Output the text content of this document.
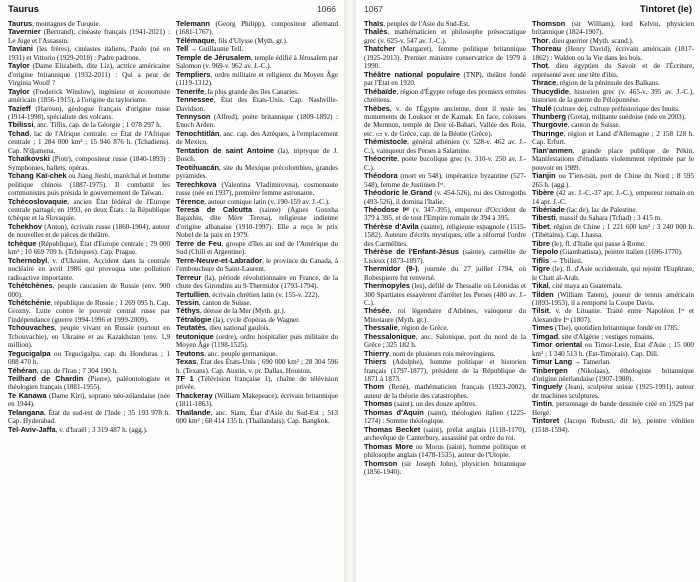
Taurus	1066

Taurus, montagnes de Turquie.

Tavernier (Bertrand), cinéaste français (1941-2021) : Le Juge et l'Assassin.

Taviani (les frères), cinéastes italiens, Paolo (né en 1931) et Vittorio (1929-2018) : Padre padrone.

Taylor (Dame Elizabeth, dite Liz), actrice américaine d'origine britannique (1932-2011) : Qui a peur de Virginia Woolf ?

Taylor (Frederick Winslow), ingénieur et économiste américain (1856-1915), à l'origine du taylorisme.

Tazieff (Haroun), géologue français d'origine russe (1914-1998), spécialiste des volcans.

Tbilissi, anc. Tiflis, cap. de la Géorgie ; 1 078 297 h.

Tchad, lac de l'Afrique centrale. ▭ État de l'Afrique centrale ; 1 284 000 km² ; 15 946 876 h. (Tchadiens). Cap. N'djamena.

Tchaïkovski (Piotr), compositeur russe (1840-1893) : Symphonies, ballets, opéras.

Tchang Kaï-chek ou Jiang Jieshi, maréchal et homme politique chinois (1887-1975). Il combattit les communistes puis présida le gouvernement de Taïwan.

Tchécoslovaquie, ancien État fédéral de l'Europe centrale partagé, en 1993, en deux États : la République tchèque et la Slovaquie.

Tchekhov (Anton), écrivain russe (1860-1904), auteur de nouvelles et de pièces de théâtre.

tchèque (République), État d'Europe centrale ; 79 000 km² ; 10 669 709 h. (Tchèques). Cap. Prague.

Tchernobyl, v. d'Ukraine. Accident dans la centrale nucléaire en avril 1986 qui provoqua une pollution radioactive importante.

Tchétchènes, peuple caucasien de Russie (env. 900 000).

Tchétchénie, république de Russie ; 1 269 095 h. Cap. Grozny. Lutte contre le pouvoir central russe par l'indépendance (guerre 1994-1996 et 1999-2009).

Tchouvaches, peuple vivant en Russie (surtout en Tchouvachie), en Ukraine et au Kazakhstan (env. 1,9 million).

Tegucigalpa ou Tegucigalpa, cap. du Honduras ; 1 088 470 h.

Téhéran, cap. de l'Iran ; 7 304 190 h.

Teilhard de Chardin (Pierre), paléontologiste et théologien français (1881-1955).

Te Kanawa (Dame Kiri), soprano néo-zélandaise (née en 1944).

Telangana, État du sud-est de l'Inde ; 35 193 978 h. Cap. Hyderabad.

Tel-Aviv-Jaffa, v. d'Israël ; 3 319 487 h. (agg.).

Telemann (Georg Philipp), compositeur allemand (1681-1767).

Télémaque, fils d'Ulysse (Myth. gr.).

Tell → Guillaume Tell.

Temple de Jérusalem, temple édifié à Jérusalem par Salomon (v. 969-v. 962 av. J.-C.).

Templiers, ordre militaire et religieux du Moyen Âge (1119-1312).

Tenerife, la plus grande des îles Canaries.

Tennessee, État des États-Unis. Cap. Nashville-Davidson.

Tennyson (Alfred), poète britannique (1809-1892) : Enoch Arden.

Tenochtitlán, anc. cap. des Aztèques, à l'emplacement de Mexico.

Tentation de saint Antoine (la), triptyque de J. Bosch.

Teotihuacán, site du Mexique précolombien, grandes pyramides.

Terechkova (Valentina Vladimirovna), cosmonaute russe (née en 1937), première femme astronaute.

Térence, auteur comique latin (v. 190-159 av. J.-C.).

Teresa de Calcutta (sainte) (Agnes Gonxha Bajaxhiu, dite Mère Teresa), religieuse indienne d'origine albanaise (1910-1997). Elle a reçu le prix Nobel de la paix en 1979.

Terre de Feu, groupe d'îles au sud de l'Amérique du Sud (Chili et Argentine).

Terre-Neuve-et-Labrador, le province du Canada, à l'embouchure du Saint-Laurent.

Terreur (la), période révolutionnaire en France, de la chute des Girondins au 9-Thermidor (1793-1794).

Tertullien, écrivain chrétien latin (v. 155-v. 222).

Tessin, canton de Suisse.

Téthys, déesse de la Mer (Myth. gr.).

Tétralogie (la), cycle d'opéras de Wagner.

Teutatès, dieu national gaulois.

teutonique (ordre), ordre hospitalier puis militaire du Moyen Âge (1198-1525).

Teutons, anc. peuple germanique.

Texas, État des États-Unis ; 690 000 km² ; 28 304 596 h. (Texans). Cap. Austin, v. pr. Dallas, Houston.

TF 1 (Télévision française 1), chaîne de télévision privée.

Thackeray (William Makepeace), écrivain britannique (1811-1863).

Thaïlande, anc. Siam, État d'Asie du Sud-Est ; 513 000 km² ; 68 414 135 h. (Thaïlandais). Cap. Bangkok.

1067	Tintoret (le)

Thaïs, peuples de l'Asie du Sud-Est.

Thalès, mathématicien et philosophe présocratique grec (v. 625-v. 547 av. J.-C.).

Thatcher (Margaret), femme politique britannique (1925-2013). Premier ministre conservatrice de 1979 à 1990.

Théâtre national populaire (TNP), théâtre fondé par l'État en 1920.

Thébaïde, région d'Égypte refuge des premiers ermites chrétiens.

Thèbes, v. de l'Égypte ancienne, dont il reste les monuments de Louksor et de Karnak. En face, colosses de Memnon, temple de Deir el-Bahari, Vallée des Rois, etc. ▭ v. de Grèce, cap. de la Béotie (Grèce).

Thémistocle, général athénien (v. 528-v. 462 av. J.-C.), vainqueur des Perses à Salamine.

Théocrite, poète bucolique grec (v. 310-v. 250 av. J.-C.).

Théodora (mort en 548), impératrice byzantine (527-548), femme de Justinien Iᵉʳ.

Théodoric le Grand (v. 454-526), roi des Ostrogoths (493-526), il domina l'Italie.

Théodose Iᵉʳ (v. 347-395), empereur d'Occident de 379 à 395, et de tout l'Empire romain de 394 à 395.

Thérèse d'Avila (sainte), religieuse espagnole (1515-1582). Auteure d'écrits mystiques, elle a réformé l'ordre des Carmélites.

Thérèse de l'Enfant-Jésus (sainte), carmélite de Lisieux (1873-1897).

Thermidor (9-), journée du 27 juillet 1794, où Robespierre fut renversé.

Thermopyles (les), défilé de Thessalie où Léonidas et 300 Spartiates essayèrent d'arrêter les Perses (480 av. J.-C.).

Thésée, roi légendaire d'Athènes, vainqueur du Minotaure (Myth. gr.).

Thessalie, région de Grèce.

Thessalonique, anc. Salonique, port du nord de la Grèce ; 325 182 h.

Thierry, nom de plusieurs rois mérovingiens.

Thiers (Adolphe), homme politique et historien français (1797-1877), président de la République de 1871 à 1873.

Thom (René), mathématicien français (1923-2002), auteur de la théorie des catastrophes.

Thomas (saint), un des douze apôtres.

Thomas d'Aquin (saint), théologien italien (1225-1274) : Somme théologique.

Thomas Becket (saint), prélat anglais (1118-1170), archevêque de Canterbury, assassiné par ordre du roi.

Thomas More ou Morus (saint), homme politique et philosophe anglais (1478-1535), auteur de l'Utopie.

Thomson (sir Joseph John), physicien britannique (1856-1940).

Thomson (sir William), lord Kelvin, physicien britannique (1824-1907).

Thor, dieu guerrier (Myth. scand.).

Thoreau (Henry David), écrivain américain (1817-1862) : Walden ou la Vie dans les bois.

Thot, dieu égyptien du Savoir et de l'Écriture, représenté avec une tête d'ibis.

Thrace, région de la péninsule des Balkans.

Thucydide, historien grec (v. 465-v. 395 av. J.-C.), historien de la guerre du Péloponnèse.

Thulé (culture de), culture préhistorique des Inuits.

Thunberg (Greta), militante suédoise (née en 2003).

Thurgovie, canton de Suisse.

Thuringe, région et Land d'Allemagne ; 2 158 128 h. Cap. Erfurt.

Tian'anmen, grande place publique de Pékin. Manifestations d'étudiants violemment réprimée par le pouvoir en 1989.

Tianjin ou T'ien-tsin, port de Chine du Nord ; 8 595 265 h. (agg.).

Tibère (42 av. J.-C.-37 apr. J.-C.), empereur romain en 14 apr. J.-C.

Tibériade (lac de), lac de Palestine.

Tibesti, massif du Sahara (Tchad) ; 3 415 m.

Tibet, région de Chine ; 1 221 600 km² ; 3 240 000 h. (Tibétains). Cap. Lhassa.

Tibre (le), fl. d'Italie qui passe à Rome.

Tiepolo (Giambattista), peintre italien (1696-1770).

Tiflis → Tbilissi.

Tigre (le), fl. d'Asie occidentale, qui rejoint l'Euphrate, le Chatt al-Arab.

Tikal, cité maya au Guatemala.

Tilden (William Tatem), joueur de tennis américain (1893-1953), il a remporté la Coupe Davis.

Tilsit, v. de Lituanie. Traité entre Napoléon Iᵉʳ et Alexandre Iᵉʳ (1807).

Times (The), quotidien britannique fondé en 1785.

Timgad, site d'Algérie ; vestiges romains.

Timor oriental ou Timor-Leste, État d'Asie ; 15 000 km² ; 1 340 513 h. (Est-Timorais). Cap. Dili.

Timur Lang → Tamerlan.

Tinbergen (Nikolaas), éthologiste britannique d'origine néerlandaise (1907-1988).

Tinguely (Jean), sculpteur suisse (1925-1991), auteur de machines sculptures.

Tintin, personnage de bande dessinée créé en 1929 par Hergé.

Tintoret (Jacopo Robusti, dit le), peintre vénitien (1518-1594).
